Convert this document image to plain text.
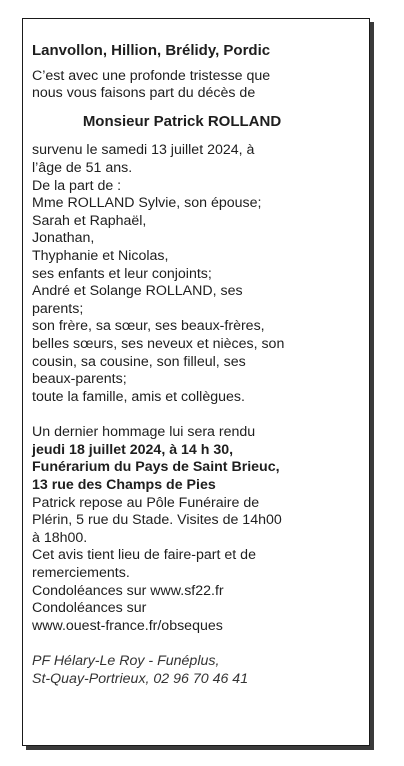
Lanvollon, Hillion, Brélidy, Pordic

C’est avec une profonde tristesse que
nous vous faisons part du décès de

Monsieur Patrick ROLLAND

survenu le samedi 13 juillet 2024, à
l’âge de 51 ans.
De la part de :
Mme ROLLAND Sylvie, son épouse;
Sarah et Raphaël,
Jonathan,
Thyphanie et Nicolas,
ses enfants et leur conjoints;
André et Solange ROLLAND, ses
parents;
son frère, sa sœur, ses beaux-frères,
belles sœurs, ses neveux et nièces, son
cousin, sa cousine, son filleul, ses
beaux-parents;
toute la famille, amis et collègues.

Un dernier hommage lui sera rendu
jeudi 18 juillet 2024, à 14 h 30,
Funérarium du Pays de Saint Brieuc,
13 rue des Champs de Pies

Patrick repose au Pôle Funéraire de
Plérin, 5 rue du Stade. Visites de 14h00
à 18h00.
Cet avis tient lieu de faire-part et de
remerciements.
Condoléances sur www.sf22.fr
Condoléances sur
www.ouest-france.fr/obseques

PF Hélary-Le Roy - Funéplus,
St-Quay-Portrieux, 02 96 70 46 41
